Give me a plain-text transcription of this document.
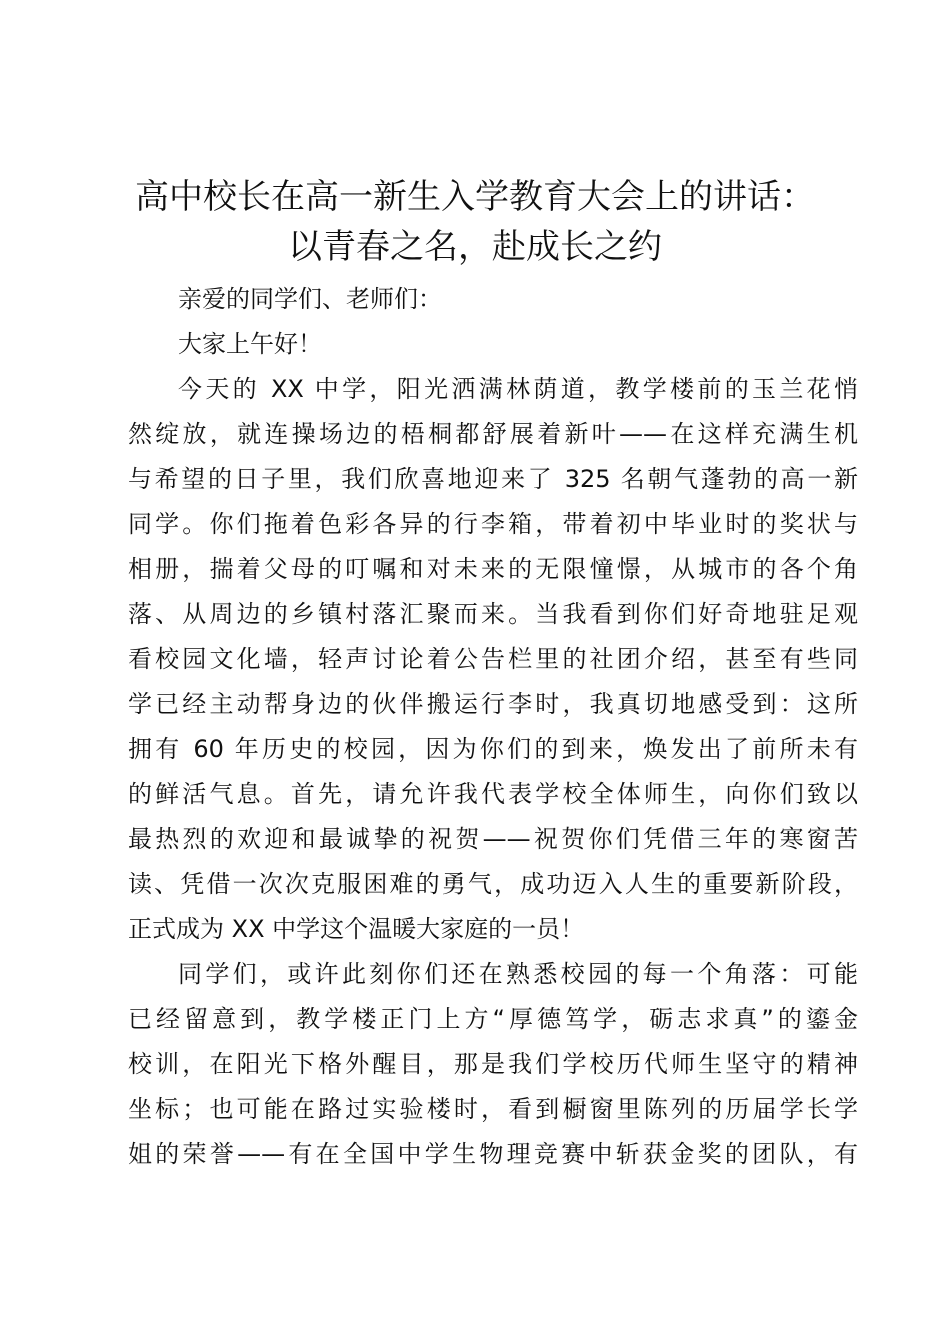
高中校长在高一新生入学教育大会上的讲话：
以青春之名，赴成长之约
亲爱的同学们、老师们：
大家上午好！
今天的 XX 中学，阳光洒满林荫道，教学楼前的玉兰花悄
然绽放，就连操场边的梧桐都舒展着新叶——在这样充满生机
与希望的日子里，我们欣喜地迎来了 325 名朝气蓬勃的高一新
同学。你们拖着色彩各异的行李箱，带着初中毕业时的奖状与
相册，揣着父母的叮嘱和对未来的无限憧憬，从城市的各个角
落、从周边的乡镇村落汇聚而来。当我看到你们好奇地驻足观
看校园文化墙，轻声讨论着公告栏里的社团介绍，甚至有些同
学已经主动帮身边的伙伴搬运行李时，我真切地感受到：这所
拥有 60 年历史的校园，因为你们的到来，焕发出了前所未有
的鲜活气息。首先，请允许我代表学校全体师生，向你们致以
最热烈的欢迎和最诚挚的祝贺——祝贺你们凭借三年的寒窗苦
读、凭借一次次克服困难的勇气，成功迈入人生的重要新阶段，
正式成为 XX 中学这个温暖大家庭的一员！
同学们，或许此刻你们还在熟悉校园的每一个角落：可能
已经留意到，教学楼正门上方“厚德笃学，砺志求真”的鎏金
校训，在阳光下格外醒目，那是我们学校历代师生坚守的精神
坐标；也可能在路过实验楼时，看到橱窗里陈列的历届学长学
姐的荣誉——有在全国中学生物理竞赛中斩获金奖的团队，有
